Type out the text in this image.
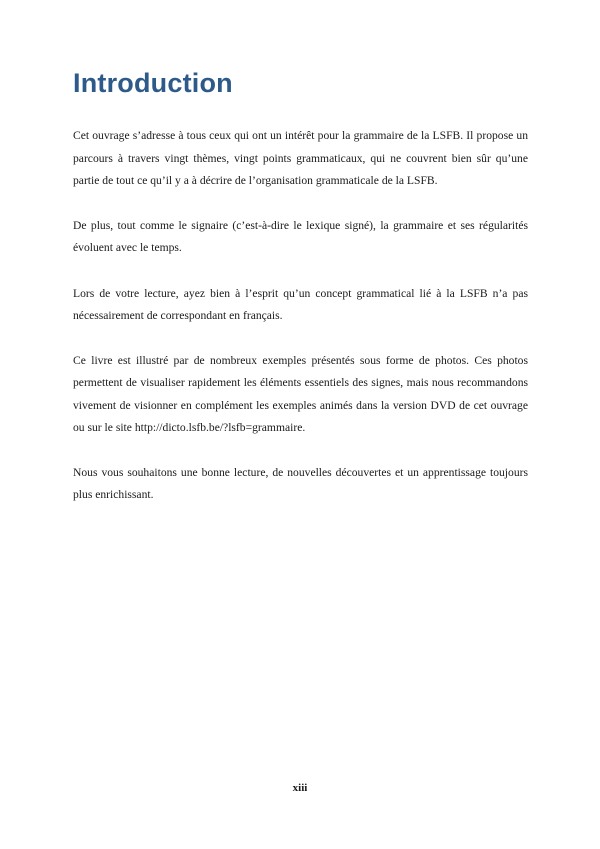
Introduction

Cet ouvrage s’adresse à tous ceux qui ont un intérêt pour la grammaire de la LSFB. Il propose un parcours à travers vingt thèmes, vingt points grammaticaux, qui ne couvrent bien sûr qu’une partie de tout ce qu’il y a à décrire de l’organisation grammaticale de la LSFB.

De plus, tout comme le signaire (c’est-à-dire le lexique signé), la grammaire et ses régularités évoluent avec le temps.

Lors de votre lecture, ayez bien à l’esprit qu’un concept grammatical lié à la LSFB n’a pas nécessairement de correspondant en français.

Ce livre est illustré par de nombreux exemples présentés sous forme de photos. Ces photos permettent de visualiser rapidement les éléments essentiels des signes, mais nous recommandons vivement de visionner en complément les exemples animés dans la version DVD de cet ouvrage ou sur le site http://dicto.lsfb.be/?lsfb=grammaire.

Nous vous souhaitons une bonne lecture, de nouvelles découvertes et un apprentissage toujours plus enrichissant.

xiii
